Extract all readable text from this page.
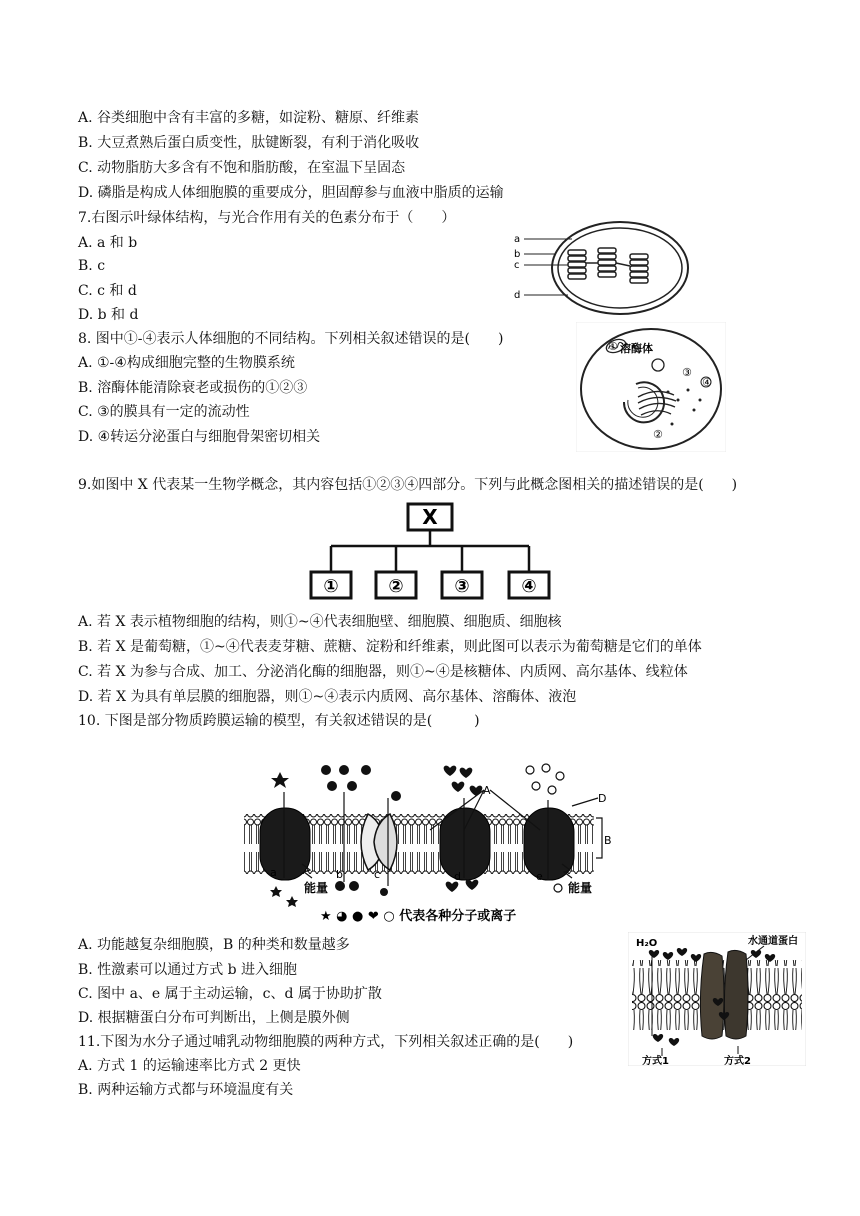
A. 谷类细胞中含有丰富的多糖，如淀粉、糖原、纤维素
B. 大豆煮熟后蛋白质变性，肽键断裂，有利于消化吸收
C. 动物脂肪大多含有不饱和脂肪酸，在室温下呈固态
D. 磷脂是构成人体细胞膜的重要成分，胆固醇参与血液中脂质的运输
7.右图示叶绿体结构，与光合作用有关的色素分布于（　　）
A. a 和 b
B. c
C. c 和 d
D. b 和 d
a
b
c
d
8. 图中①-④表示人体细胞的不同结构。下列相关叙述错误的是(　　)
A. ①-④构成细胞完整的生物膜系统
B. 溶酶体能清除衰老或损伤的①②③
C. ③的膜具有一定的流动性
D. ④转运分泌蛋白与细胞骨架密切相关
溶酶体
①
②
③
④
9.如图中 X 代表某一生物学概念，其内容包括①②③④四部分。下列与此概念图相关的描述错误的是(　　)
X
①	②	③	④
A. 若 X 表示植物细胞的结构，则①~④代表细胞壁、细胞膜、细胞质、细胞核
B. 若 X 是葡萄糖，①~④代表麦芽糖、蔗糖、淀粉和纤维素，则此图可以表示为葡萄糖是它们的单体
C. 若 X 为参与合成、加工、分泌消化酶的细胞器，则①~④是核糖体、内质网、高尔基体、线粒体
D. 若 X 为具有单层膜的细胞器，则①~④表示内质网、高尔基体、溶酶体、液泡
10. 下图是部分物质跨膜运输的模型，有关叙述错误的是(　　　)
A
B
D
a	b	c	d	e
能量	能量
★ ◕ ● ❤ ○ 代表各种分子或离子
A. 功能越复杂细胞膜，B 的种类和数量越多
B. 性激素可以通过方式 b 进入细胞
C. 图中 a、e 属于主动运输，c、d 属于协助扩散
D. 根据糖蛋白分布可判断出，上侧是膜外侧
11.下图为水分子通过哺乳动物细胞膜的两种方式，下列相关叙述正确的是(　　)
A. 方式 1 的运输速率比方式 2 更快
B. 两种运输方式都与环境温度有关
H₂O	水通道蛋白
方式1	方式2
